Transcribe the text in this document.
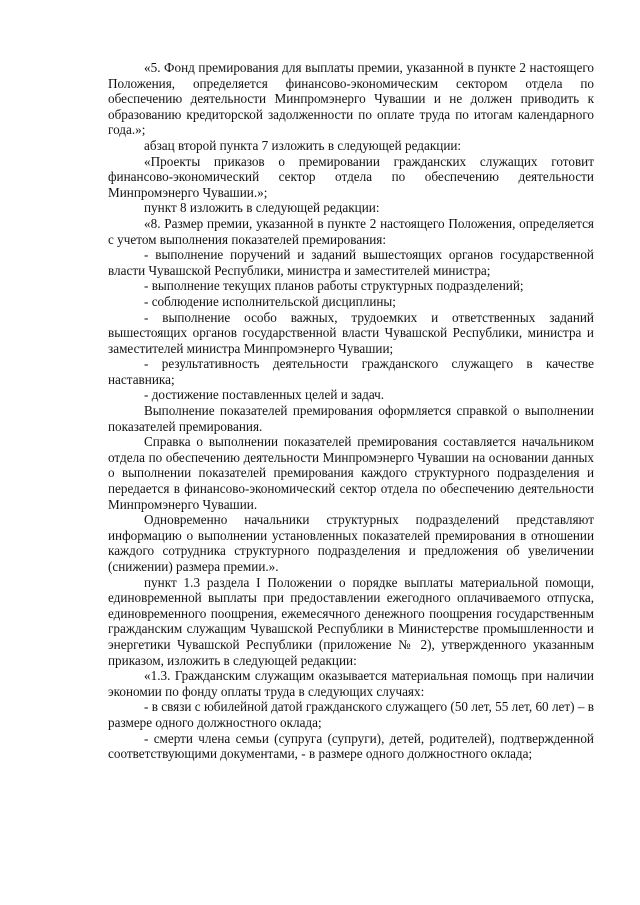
«5. Фонд премирования для выплаты премии, указанной в пункте 2 настоящего Положения, определяется финансово-экономическим сектором отдела по обеспечению деятельности Минпромэнерго Чувашии и не должен приводить к образованию кредиторской задолженности по оплате труда по итогам календарного года.»;

абзац второй пункта 7 изложить в следующей редакции:

«Проекты приказов о премировании гражданских служащих готовит финансово-экономический сектор отдела по обеспечению деятельности Минпромэнерго Чувашии.»;

пункт 8 изложить в следующей редакции:

«8. Размер премии, указанной в пункте 2 настоящего Положения, определяется с учетом выполнения показателей премирования:

- выполнение поручений и заданий вышестоящих органов государственной власти Чувашской Республики, министра и заместителей министра;

- выполнение текущих планов работы структурных подразделений;

- соблюдение исполнительской дисциплины;

- выполнение особо важных, трудоемких и ответственных заданий вышестоящих органов государственной власти Чувашской Республики, министра и заместителей министра Минпромэнерго Чувашии;

- результативность деятельности гражданского служащего в качестве наставника;

- достижение поставленных целей и задач.

Выполнение показателей премирования оформляется справкой о выполнении показателей премирования.

Справка о выполнении показателей премирования составляется начальником отдела по обеспечению деятельности Минпромэнерго Чувашии на основании данных о выполнении показателей премирования каждого структурного подразделения и передается в финансово-экономический сектор отдела по обеспечению деятельности Минпромэнерго Чувашии.

Одновременно начальники структурных подразделений представляют информацию о выполнении установленных показателей премирования в отношении каждого сотрудника структурного подразделения и предложения об увеличении (снижении) размера премии.».

пункт 1.3 раздела I Положении о порядке выплаты материальной помощи, единовременной выплаты при предоставлении ежегодного оплачиваемого отпуска, единовременного поощрения, ежемесячного денежного поощрения государственным гражданским служащим Чувашской Республики в Министерстве промышленности и энергетики Чувашской Республики (приложение № 2), утвержденного указанным приказом, изложить в следующей редакции:

«1.3. Гражданским служащим оказывается материальная помощь при наличии экономии по фонду оплаты труда в следующих случаях:

- в связи с юбилейной датой гражданского служащего (50 лет, 55 лет, 60 лет) – в размере одного должностного оклада;

- смерти члена семьи (супруга (супруги), детей, родителей), подтвержденной соответствующими документами, - в размере одного должностного оклада;
